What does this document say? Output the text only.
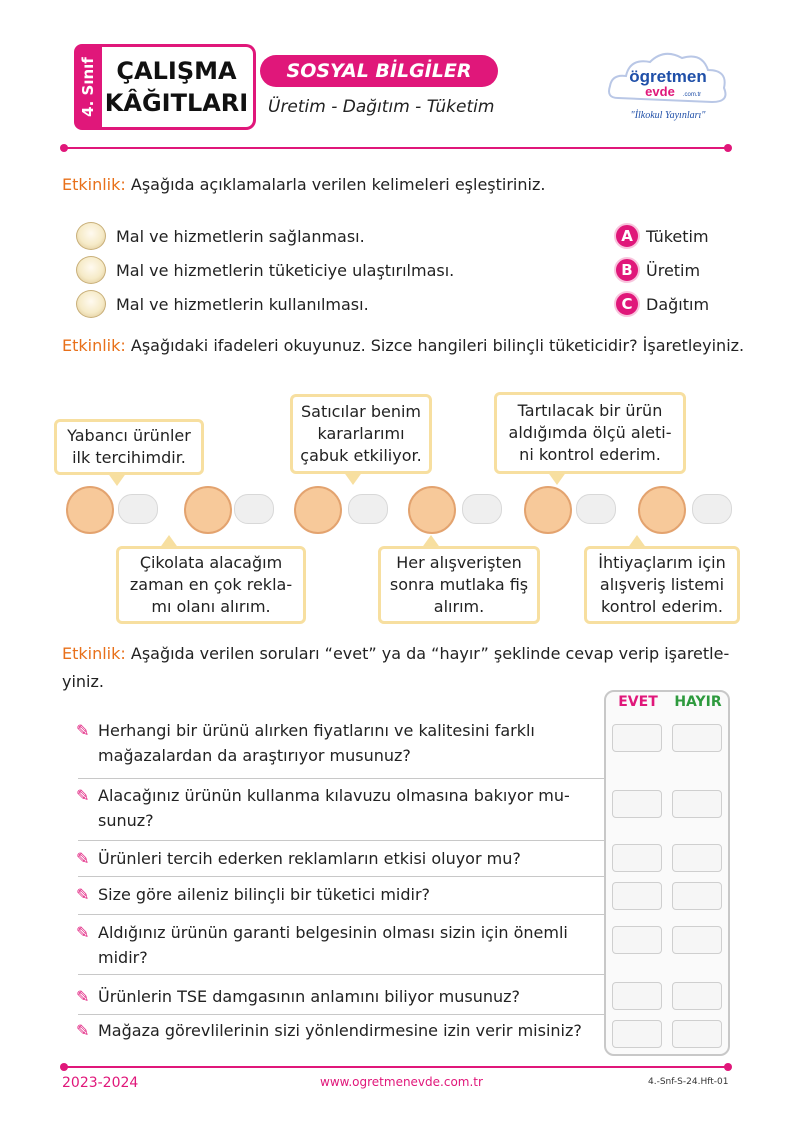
4. Sınıf ÇALIŞMA
KÂĞITLARI
SOSYAL BİLGİLER
Üretim - Dağıtım - Tüketim
ögretmen
evde .com.tr
"İlkokul Yayınları"
Etkinlik: Aşağıda açıklamalarla verilen kelimeleri eşleştiriniz.
Mal ve hizmetlerin sağlanması.
Mal ve hizmetlerin tüketiciye ulaştırılması.
Mal ve hizmetlerin kullanılması.
A Tüketim
B Üretim
C Dağıtım
Etkinlik: Aşağıdaki ifadeleri okuyunuz. Sizce hangileri bilinçli tüketicidir? İşaretleyiniz.
Yabancı ürünler
ilk tercihimdir.
Satıcılar benim
kararlarımı
çabuk etkiliyor.
Tartılacak bir ürün
aldığımda ölçü aleti-
ni kontrol ederim.
Çikolata alacağım
zaman en çok rekla-
mı olanı alırım.
Her alışverişten
sonra mutlaka fiş
alırım.
İhtiyaçlarım için
alışveriş listemi
kontrol ederim.
Etkinlik: Aşağıda verilen soruları “evet” ya da “hayır” şeklinde cevap verip işaretle-
yiniz.
EVET	HAYIR
✎ Herhangi bir ürünü alırken fiyatlarını ve kalitesini farklı
mağazalardan da araştırıyor musunuz?
✎ Alacağınız ürünün kullanma kılavuzu olmasına bakıyor mu-
sunuz?
✎ Ürünleri tercih ederken reklamların etkisi oluyor mu?
✎ Size göre aileniz bilinçli bir tüketici midir?
✎ Aldığınız ürünün garanti belgesinin olması sizin için önemli
midir?
✎ Ürünlerin TSE damgasının anlamını biliyor musunuz?
✎ Mağaza görevlilerinin sizi yönlendirmesine izin verir misiniz?
2023-2024	www.ogretmenevde.com.tr	4.-Snf-S-24.Hft-01
